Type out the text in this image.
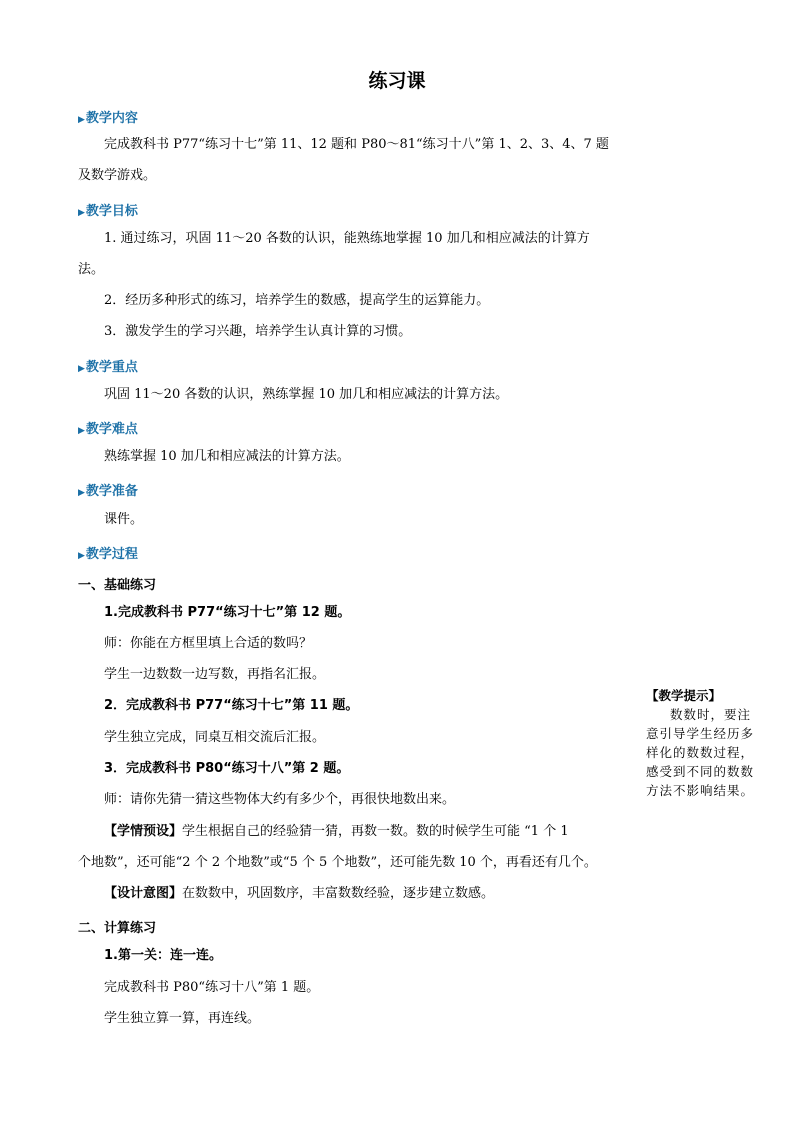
练习课
▶教学内容
完成教科书 P77“练习十七”第 11、12 题和 P80～81“练习十八”第 1、2、3、4、7 题
及数学游戏。
▶教学目标
1. 通过练习，巩固 11～20 各数的认识，能熟练地掌握 10 加几和相应减法的计算方
法。
2．经历多种形式的练习，培养学生的数感，提高学生的运算能力。
3．激发学生的学习兴趣，培养学生认真计算的习惯。
▶教学重点
巩固 11～20 各数的认识，熟练掌握 10 加几和相应减法的计算方法。
▶教学难点
熟练掌握 10 加几和相应减法的计算方法。
▶教学准备
课件。
▶教学过程
一、基础练习
1.完成教科书 P77“练习十七”第 12 题。
师：你能在方框里填上合适的数吗？
学生一边数数一边写数，再指名汇报。
2．完成教科书 P77“练习十七”第 11 题。
学生独立完成，同桌互相交流后汇报。
3．完成教科书 P80“练习十八”第 2 题。
师：请你先猜一猜这些物体大约有多少个，再很快地数出来。
【学情预设】学生根据自己的经验猜一猜，再数一数。数的时候学生可能 “1 个 1
个地数”，还可能“2 个 2 个地数”或“5 个 5 个地数”，还可能先数 10 个，再看还有几个。
【设计意图】在数数中，巩固数序，丰富数数经验，逐步建立数感。
二、计算练习
1.第一关：连一连。
完成教科书 P80“练习十八”第 1 题。
学生独立算一算，再连线。
【教学提示】
数数时，要注
意引导学生经历多
样化的数数过程，
感受到不同的数数
方法不影响结果。
